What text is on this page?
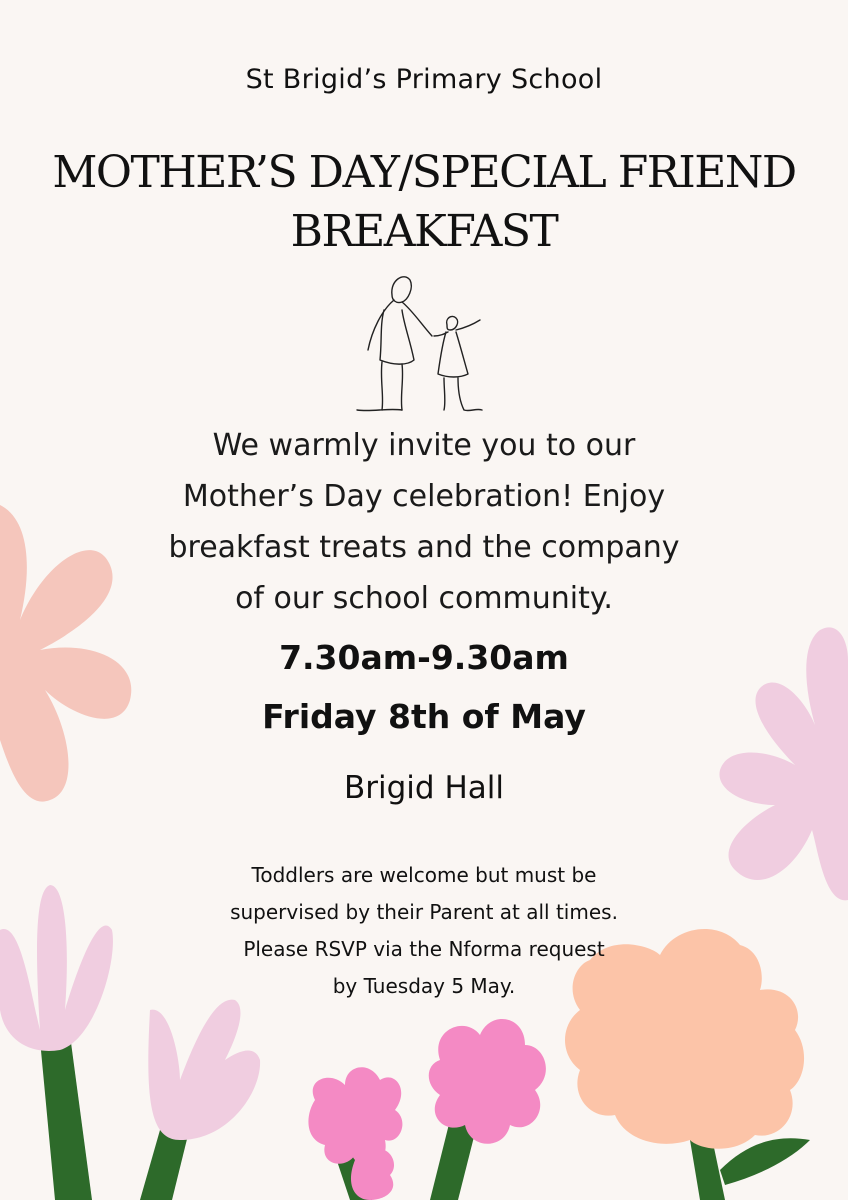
St Brigid’s Primary School

MOTHER’S DAY/SPECIAL FRIEND
BREAKFAST

We warmly invite you to our
Mother’s Day celebration! Enjoy
breakfast treats and the company
of our school community.

7.30am-9.30am

Friday 8th of May

Brigid Hall

Toddlers are welcome but must be
supervised by their Parent at all times.
Please RSVP via the Nforma request
by Tuesday 5 May.
